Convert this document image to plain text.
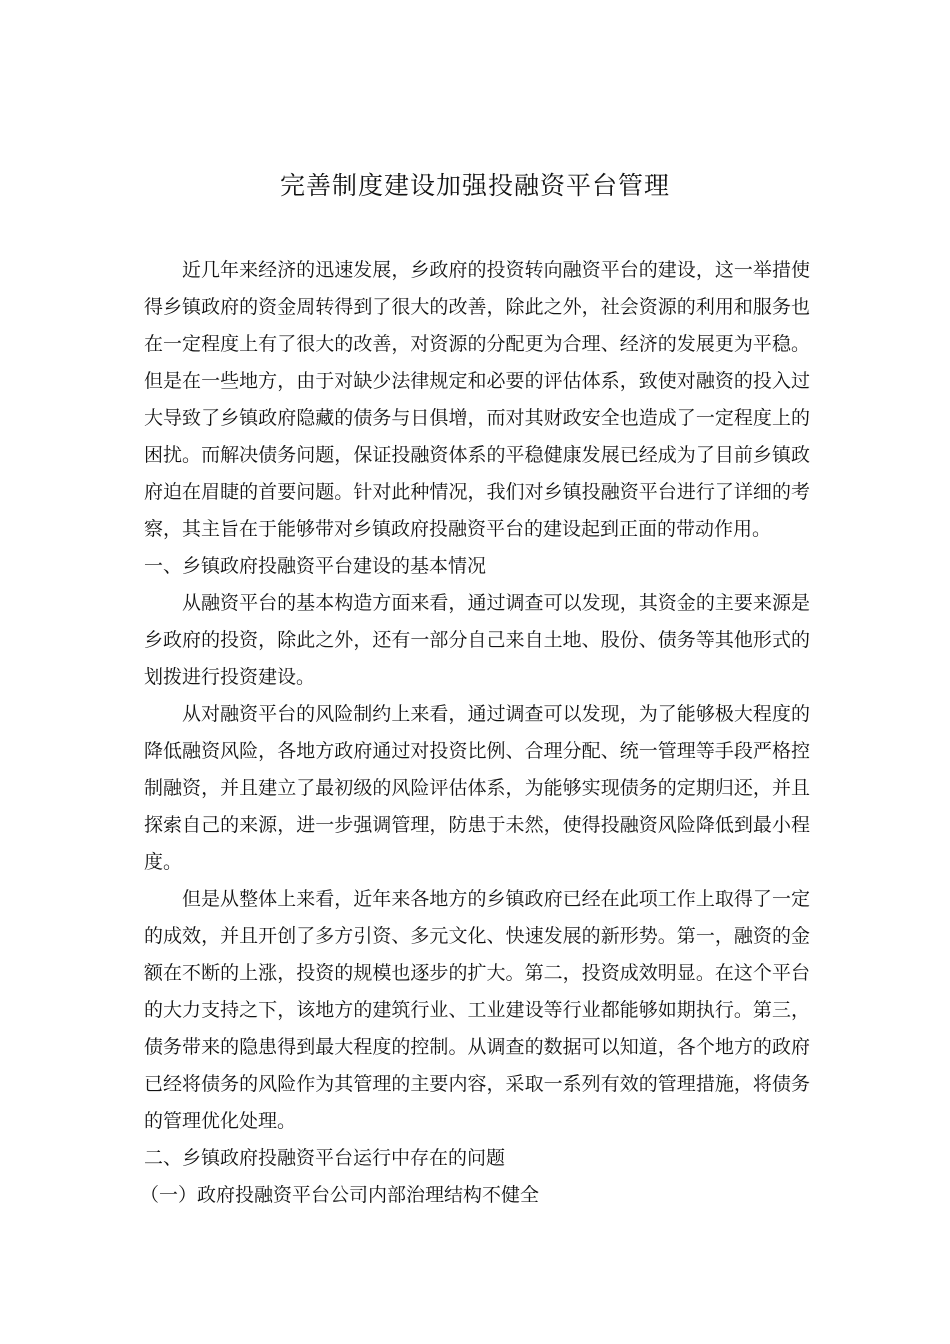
完善制度建设加强投融资平台管理

近几年来经济的迅速发展，乡政府的投资转向融资平台的建设，这一举措使得乡镇政府的资金周转得到了很大的改善，除此之外，社会资源的利用和服务也在一定程度上有了很大的改善，对资源的分配更为合理、经济的发展更为平稳。但是在一些地方，由于对缺少法律规定和必要的评估体系，致使对融资的投入过大导致了乡镇政府隐藏的债务与日俱增，而对其财政安全也造成了一定程度上的困扰。而解决债务问题，保证投融资体系的平稳健康发展已经成为了目前乡镇政府迫在眉睫的首要问题。针对此种情况，我们对乡镇投融资平台进行了详细的考察，其主旨在于能够带对乡镇政府投融资平台的建设起到正面的带动作用。

一、乡镇政府投融资平台建设的基本情况

从融资平台的基本构造方面来看，通过调查可以发现，其资金的主要来源是乡政府的投资，除此之外，还有一部分自己来自土地、股份、债务等其他形式的划拨进行投资建设。

从对融资平台的风险制约上来看，通过调查可以发现，为了能够极大程度的降低融资风险，各地方政府通过对投资比例、合理分配、统一管理等手段严格控制融资，并且建立了最初级的风险评估体系，为能够实现债务的定期归还，并且探索自己的来源，进一步强调管理，防患于未然，使得投融资风险降低到最小程度。

但是从整体上来看，近年来各地方的乡镇政府已经在此项工作上取得了一定的成效，并且开创了多方引资、多元文化、快速发展的新形势。第一，融资的金额在不断的上涨，投资的规模也逐步的扩大。第二，投资成效明显。在这个平台的大力支持之下，该地方的建筑行业、工业建设等行业都能够如期执行。第三，债务带来的隐患得到最大程度的控制。从调查的数据可以知道，各个地方的政府已经将债务的风险作为其管理的主要内容，采取一系列有效的管理措施，将债务的管理优化处理。

二、乡镇政府投融资平台运行中存在的问题

（一）政府投融资平台公司内部治理结构不健全
